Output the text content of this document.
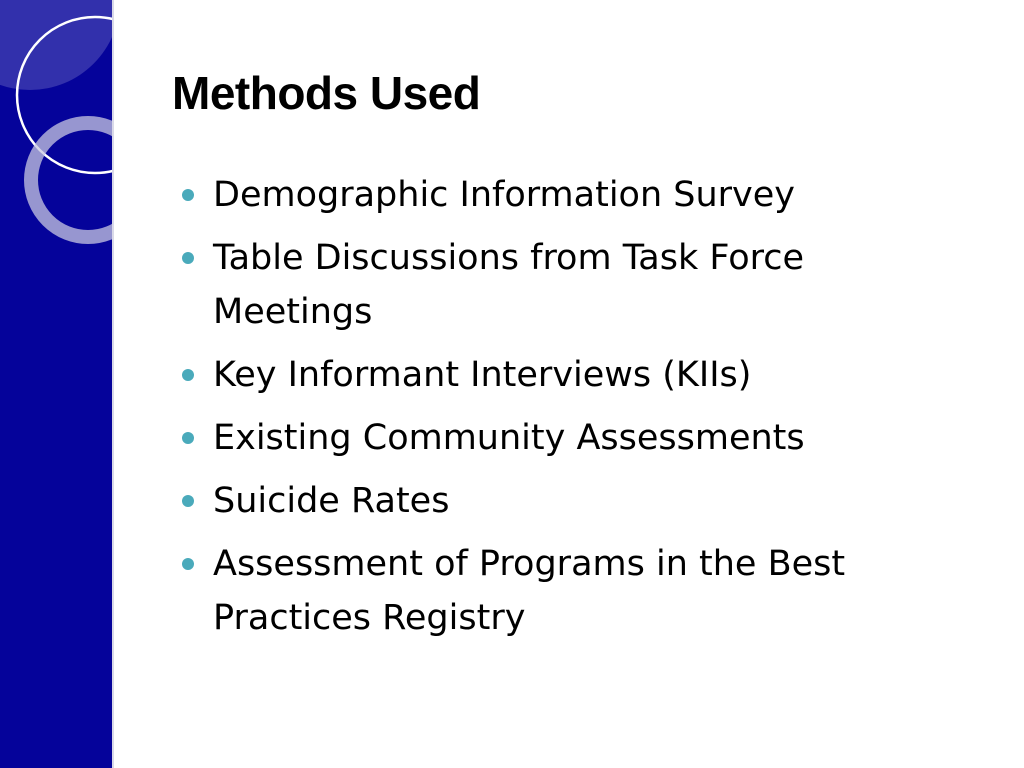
Methods Used
Demographic Information Survey
Table Discussions from Task Force Meetings
Key Informant Interviews (KIIs)
Existing Community Assessments
Suicide Rates
Assessment of Programs in the Best Practices Registry
